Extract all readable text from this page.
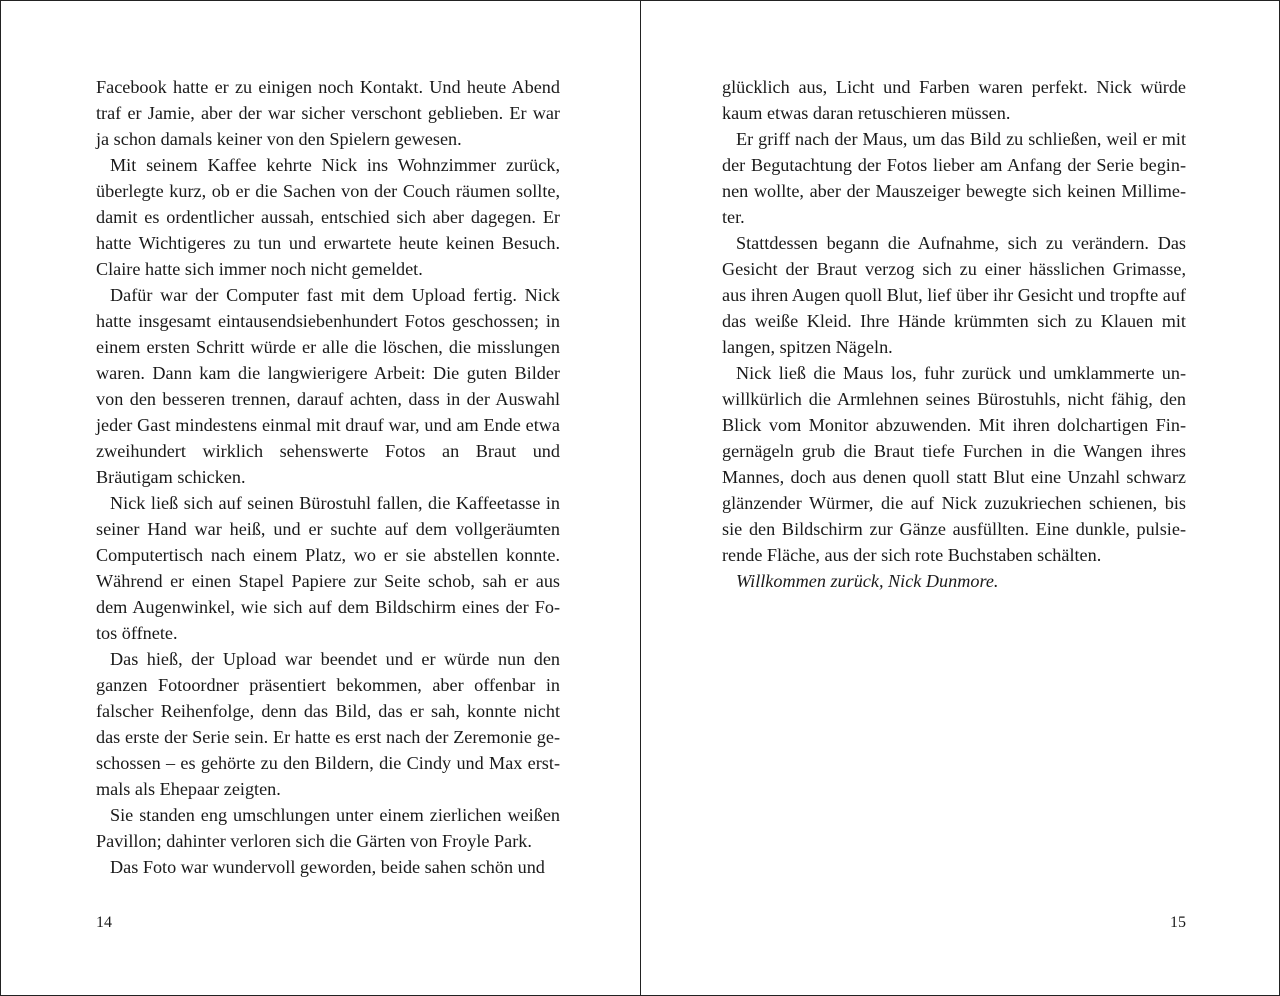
Facebook hatte er zu einigen noch Kontakt. Und heute Abend traf er Jamie, aber der war sicher verschont geblieben. Er war ja schon damals keiner von den Spielern gewesen.

Mit seinem Kaffee kehrte Nick ins Wohnzimmer zurück, überlegte kurz, ob er die Sachen von der Couch räumen sollte, damit es ordentlicher aussah, entschied sich aber dagegen. Er hatte Wichtigeres zu tun und erwartete heute keinen Besuch. Claire hatte sich immer noch nicht gemeldet.

Dafür war der Computer fast mit dem Upload fertig. Nick hatte insgesamt eintausendsiebenhundert Fotos geschossen; in einem ersten Schritt würde er alle die löschen, die misslungen waren. Dann kam die langwierigere Arbeit: Die guten Bilder von den besseren trennen, darauf achten, dass in der Auswahl jeder Gast mindestens einmal mit drauf war, und am Ende etwa zweihundert wirklich sehenswerte Fotos an Braut und Bräutigam schicken.

Nick ließ sich auf seinen Bürostuhl fallen, die Kaffeetasse in seiner Hand war heiß, und er suchte auf dem vollgeräumten Computertisch nach einem Platz, wo er sie abstellen konnte. Während er einen Stapel Papiere zur Seite schob, sah er aus dem Augenwinkel, wie sich auf dem Bildschirm eines der Fotos öffnete.

Das hieß, der Upload war beendet und er würde nun den ganzen Fotoordner präsentiert bekommen, aber offenbar in falscher Reihenfolge, denn das Bild, das er sah, konnte nicht das erste der Serie sein. Er hatte es erst nach der Zeremonie geschossen – es gehörte zu den Bildern, die Cindy und Max erstmals als Ehepaar zeigten.

Sie standen eng umschlungen unter einem zierlichen weißen Pavillon; dahinter verloren sich die Gärten von Froyle Park.

Das Foto war wundervoll geworden, beide sahen schön und

14

glücklich aus, Licht und Farben waren perfekt. Nick würde kaum etwas daran retuschieren müssen.

Er griff nach der Maus, um das Bild zu schließen, weil er mit der Begutachtung der Fotos lieber am Anfang der Serie beginnen wollte, aber der Mauszeiger bewegte sich keinen Millimeter.

Stattdessen begann die Aufnahme, sich zu verändern. Das Gesicht der Braut verzog sich zu einer hässlichen Grimasse, aus ihren Augen quoll Blut, lief über ihr Gesicht und tropfte auf das weiße Kleid. Ihre Hände krümmten sich zu Klauen mit langen, spitzen Nägeln.

Nick ließ die Maus los, fuhr zurück und umklammerte unwillkürlich die Armlehnen seines Bürostuhls, nicht fähig, den Blick vom Monitor abzuwenden. Mit ihren dolchartigen Fingernägeln grub die Braut tiefe Furchen in die Wangen ihres Mannes, doch aus denen quoll statt Blut eine Unzahl schwarz glänzender Würmer, die auf Nick zuzukriechen schienen, bis sie den Bildschirm zur Gänze ausfüllten. Eine dunkle, pulsierende Fläche, aus der sich rote Buchstaben schälten.

Willkommen zurück, Nick Dunmore.

15
